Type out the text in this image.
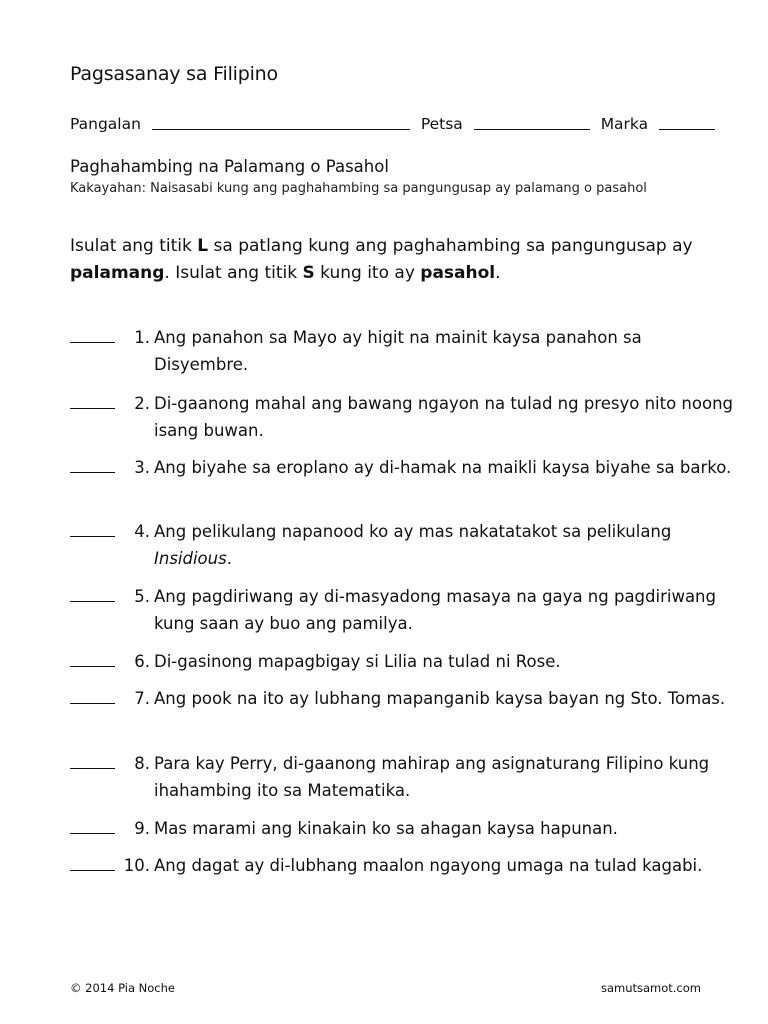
Pagsasanay sa Filipino
Pangalan	Petsa	Marka
Paghahambing na Palamang o Pasahol
Kakayahan: Naisasabi kung ang paghahambing sa pangungusap ay palamang o pasahol
Isulat ang titik L sa patlang kung ang paghahambing sa pangungusap ay palamang. Isulat ang titik S kung ito ay pasahol.
1. Ang panahon sa Mayo ay higit na mainit kaysa panahon sa Disyembre.
2. Di-gaanong mahal ang bawang ngayon na tulad ng presyo nito noong isang buwan.
3. Ang biyahe sa eroplano ay di-hamak na maikli kaysa biyahe sa barko.
4. Ang pelikulang napanood ko ay mas nakatatakot sa pelikulang Insidious.
5. Ang pagdiriwang ay di-masyadong masaya na gaya ng pagdiriwang kung saan ay buo ang pamilya.
6. Di-gasinong mapagbigay si Lilia na tulad ni Rose.
7. Ang pook na ito ay lubhang mapanganib kaysa bayan ng Sto. Tomas.
8. Para kay Perry, di-gaanong mahirap ang asignaturang Filipino kung ihahambing ito sa Matematika.
9. Mas marami ang kinakain ko sa ahagan kaysa hapunan.
10. Ang dagat ay di-lubhang maalon ngayong umaga na tulad kagabi.
© 2014 Pia Noche	samutsamot.com
